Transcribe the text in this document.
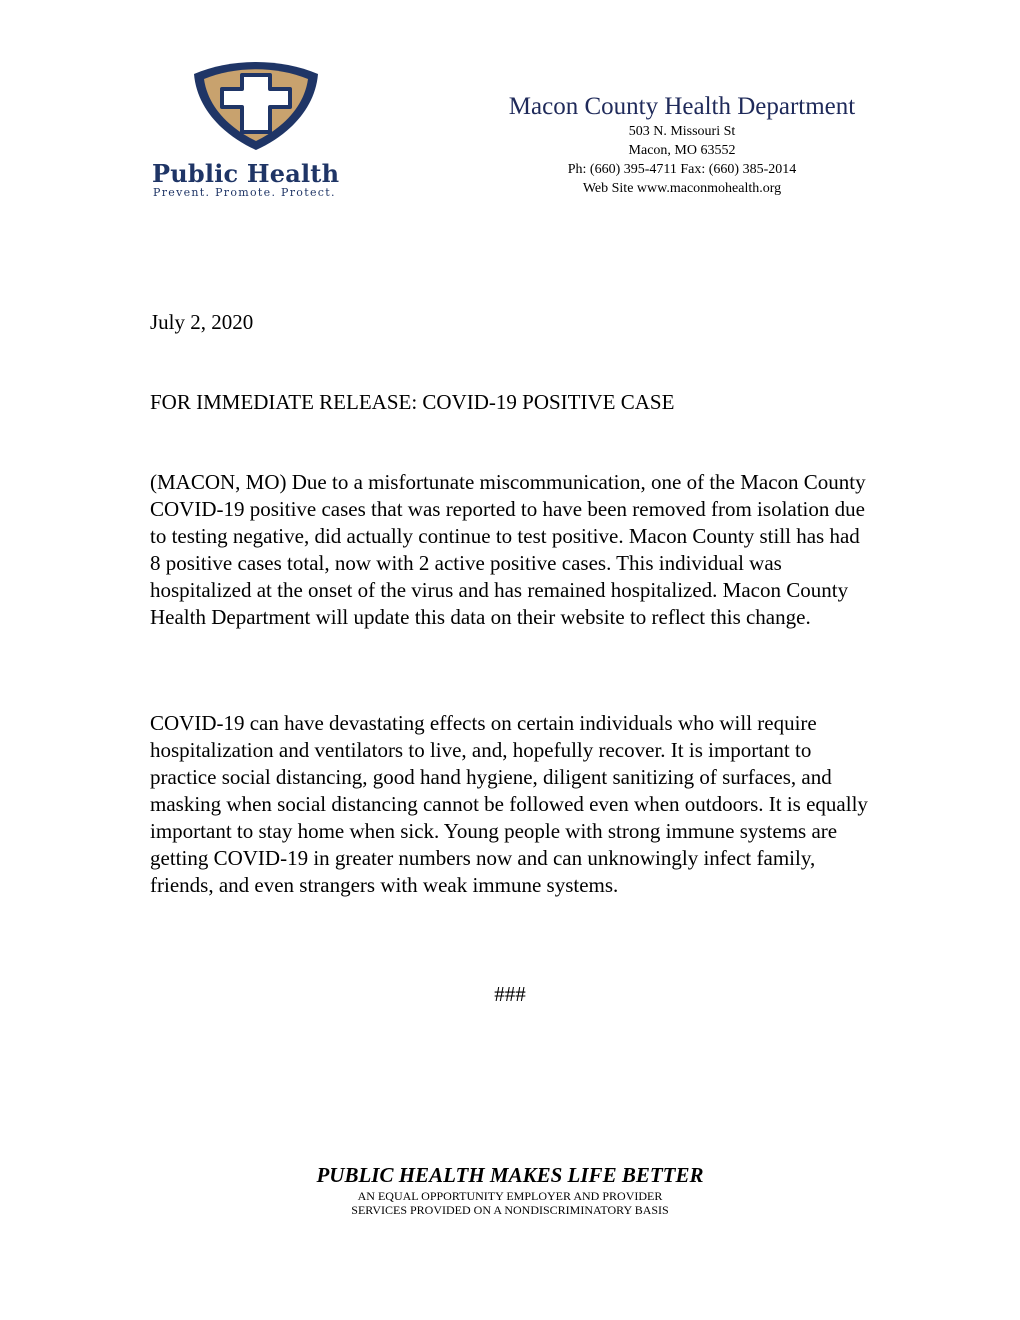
Public Health
Prevent. Promote. Protect.
Macon County Health Department
503 N. Missouri St
Macon, MO 63552
Ph: (660) 395-4711 Fax: (660) 385-2014
Web Site www.maconmohealth.org
July 2, 2020
FOR IMMEDIATE RELEASE: COVID-19 POSITIVE CASE

(MACON, MO) Due to a misfortunate miscommunication, one of the Macon County COVID-19 positive cases that was reported to have been removed from isolation due to testing negative, did actually continue to test positive. Macon County still has had 8 positive cases total, now with 2 active positive cases. This individual was hospitalized at the onset of the virus and has remained hospitalized. Macon County Health Department will update this data on their website to reflect this change.

COVID-19 can have devastating effects on certain individuals who will require hospitalization and ventilators to live, and, hopefully recover. It is important to practice social distancing, good hand hygiene, diligent sanitizing of surfaces, and masking when social distancing cannot be followed even when outdoors. It is equally important to stay home when sick. Young people with strong immune systems are getting COVID-19 in greater numbers now and can unknowingly infect family, friends, and even strangers with weak immune systems.

###
PUBLIC HEALTH MAKES LIFE BETTER
AN EQUAL OPPORTUNITY EMPLOYER AND PROVIDER
SERVICES PROVIDED ON A NONDISCRIMINATORY BASIS
